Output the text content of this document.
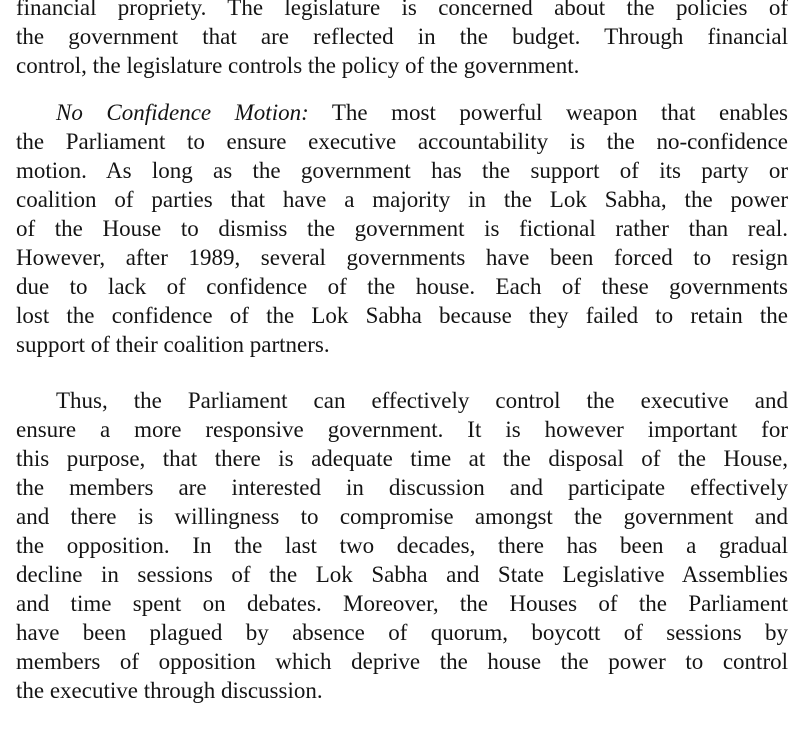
financial propriety. The legislature is concerned about the policies of
the government that are reflected in the budget. Through financial
control, the legislature controls the policy of the government.
No Confidence Motion: The most powerful weapon that enables
the Parliament to ensure executive accountability is the no-confidence
motion. As long as the government has the support of its party or
coalition of parties that have a majority in the Lok Sabha, the power
of the House to dismiss the government is fictional rather than real.
However, after 1989, several governments have been forced to resign
due to lack of confidence of the house. Each of these governments
lost the confidence of the Lok Sabha because they failed to retain the
support of their coalition partners.
Thus, the Parliament can effectively control the executive and
ensure a more responsive government. It is however important for
this purpose, that there is adequate time at the disposal of the House,
the members are interested in discussion and participate effectively
and there is willingness to compromise amongst the government and
the opposition. In the last two decades, there has been a gradual
decline in sessions of the Lok Sabha and State Legislative Assemblies
and time spent on debates. Moreover, the Houses of the Parliament
have been plagued by absence of quorum, boycott of sessions by
members of opposition which deprive the house the power to control
the executive through discussion.
